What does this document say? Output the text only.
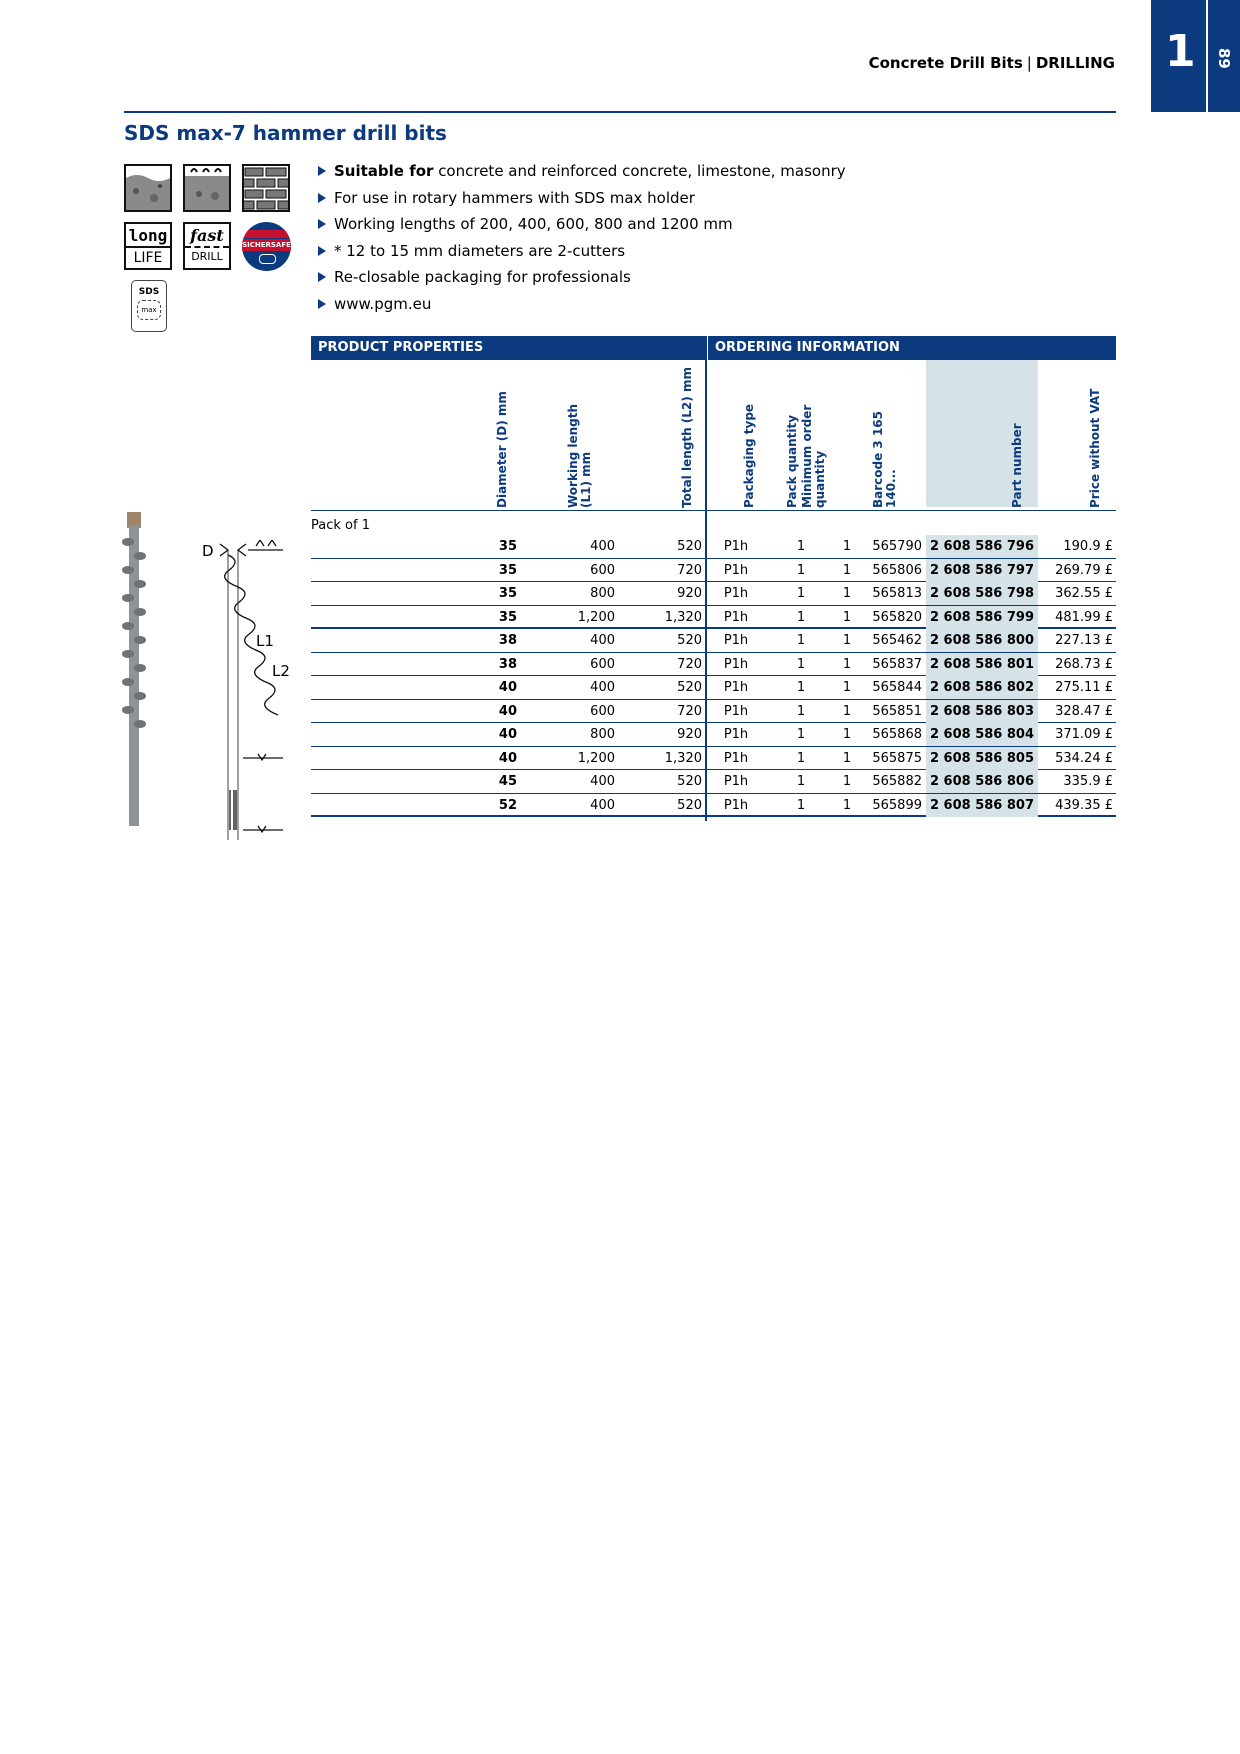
1 89
Concrete Drill Bits | DRILLING
SDS max-7 hammer drill bits
long
LIFE
fast
DRILL
SICHERSAFE
SDS
max
Suitable for concrete and reinforced concrete, limestone, masonry
For use in rotary hammers with SDS max holder
Working lengths of 200, 400, 600, 800 and 1200 mm
* 12 to 15 mm diameters are 2-cutters
Re-closable packaging for professionals
www.pgm.eu
D
L1
L2
PRODUCT PROPERTIES	ORDERING INFORMATION
Diameter (D) mm	Working length (L1) mm	Total length (L2) mm	Packaging type Pack quantity Minimum order quantity	Barcode 3 165 140...	Part number	Price without VAT
Pack of 1
35	400	520	P1h	1	1	565790 2 608 586 796	190.9 £
35	600	720	P1h	1	1	565806 2 608 586 797	269.79 £
35	800	920	P1h	1	1	565813 2 608 586 798	362.55 £
35	1,200	1,320	P1h	1	1	565820 2 608 586 799	481.99 £
38	400	520	P1h	1	1	565462 2 608 586 800	227.13 £
38	600	720	P1h	1	1	565837 2 608 586 801	268.73 £
40	400	520	P1h	1	1	565844 2 608 586 802	275.11 £
40	600	720	P1h	1	1	565851 2 608 586 803	328.47 £
40	800	920	P1h	1	1	565868 2 608 586 804	371.09 £
40	1,200	1,320	P1h	1	1	565875 2 608 586 805	534.24 £
45	400	520	P1h	1	1	565882 2 608 586 806	335.9 £
52	400	520	P1h	1	1	565899 2 608 586 807	439.35 £
